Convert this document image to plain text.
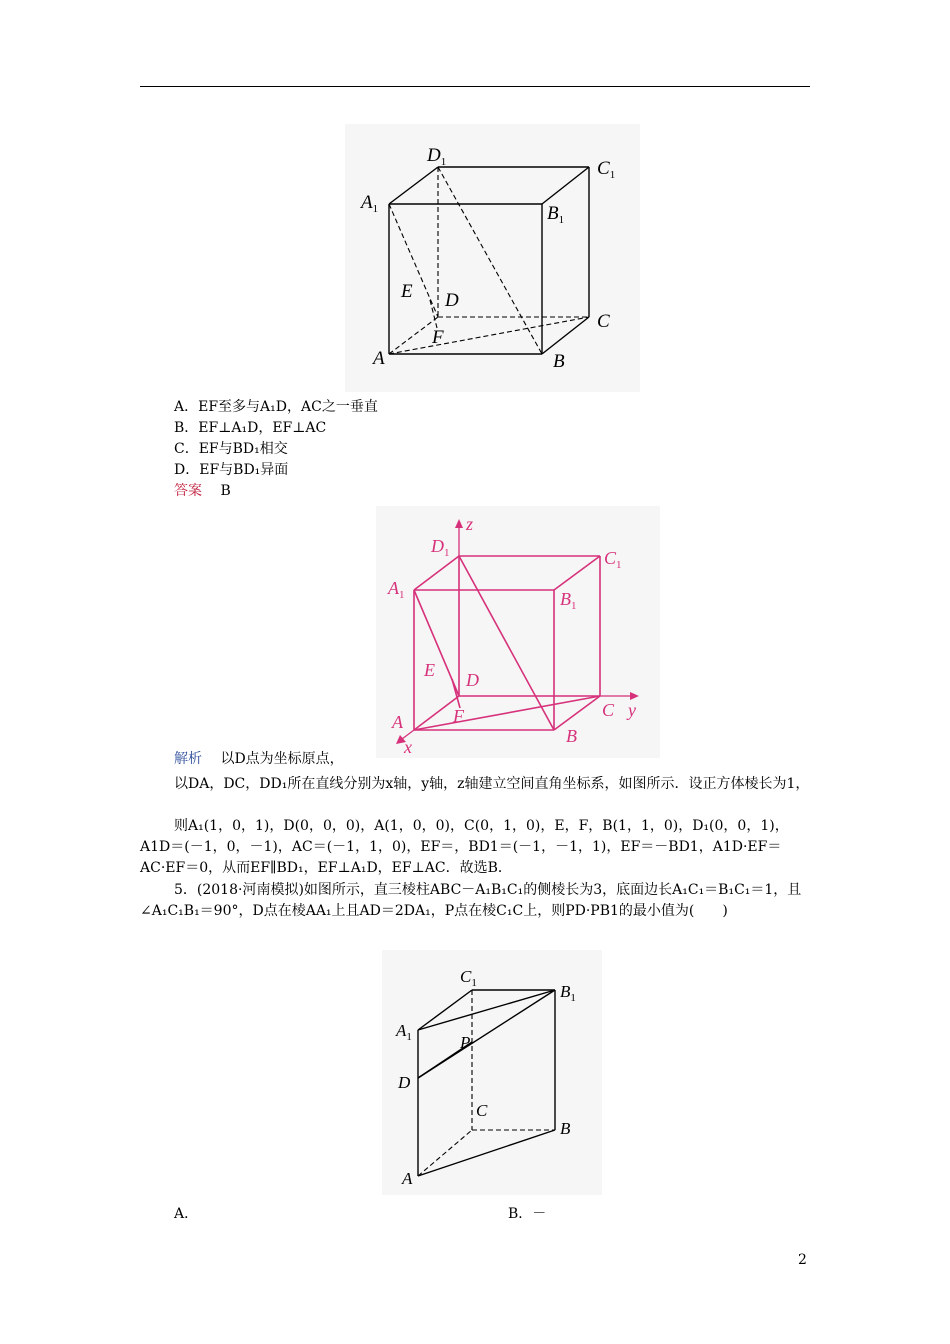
$D_1$	$C_1$
$A_1$	$B_1$
E D
C
F
A	B
A．EF至多与A₁D，AC之一垂直
B．EF⊥A₁D，EF⊥AC
C．EF与BD₁相交
D．EF与BD₁异面
答案 B
z
y
x
$D_1$	$C_1$
$A_1$	$B_1$
E D
C
F
A
B
解析 以D点为坐标原点，
以DA，DC，DD₁所在直线分别为x轴，y轴，z轴建立空间直角坐标系，如图所示．设正方体棱长为1，
则A₁(1，0，1)，D(0，0，0)，A(1，0，0)，C(0，1，0)，E，F，B(1，1，0)，D₁(0，0，1)，A1D＝(－1，0，－1)，AC＝(－1，1，0)，EF＝，BD1＝(－1，－1，1)，EF＝－BD1，A1D·EF＝AC·EF＝0，从而EF∥BD₁，EF⊥A₁D，EF⊥AC．故选B．
5．(2018·河南模拟)如图所示，直三棱柱ABC－A₁B₁C₁的侧棱长为3，底面边长A₁C₁＝B₁C₁＝1，且∠A₁C₁B₁＝90°，D点在棱AA₁上且AD＝2DA₁，P点在棱C₁C上，则PD·PB1的最小值为(　　)
$C_1$	$B_1$
$A_1$	P
D
C
B
A
A．	B．－
2
